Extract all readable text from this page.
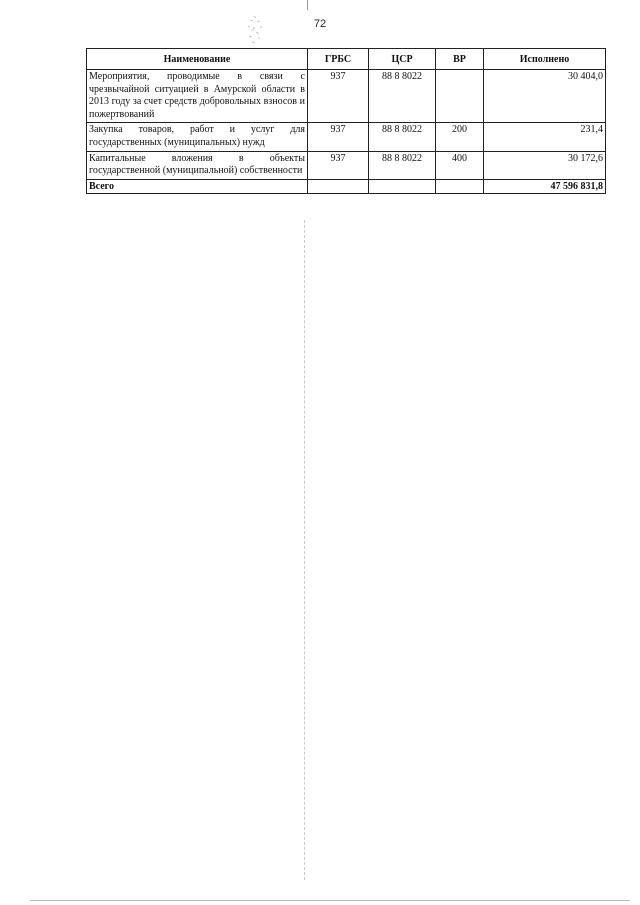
72
Наименование	ГРБС	ЦСР	ВР	Исполнено

Мероприятия, проводимые в связи с чрезвычайной ситуацией в Амурской области в 2013 году за счет средств добровольных взносов и пожертвований	937	88 8 8022		30 404,0

Закупка товаров, работ и услуг для государственных (муниципальных) нужд	937	88 8 8022	200	231,4

Капитальные вложения в объекты государственной (муниципальной) собственности	937	88 8 8022	400	30 172,6
Всего				47 596 831,8
